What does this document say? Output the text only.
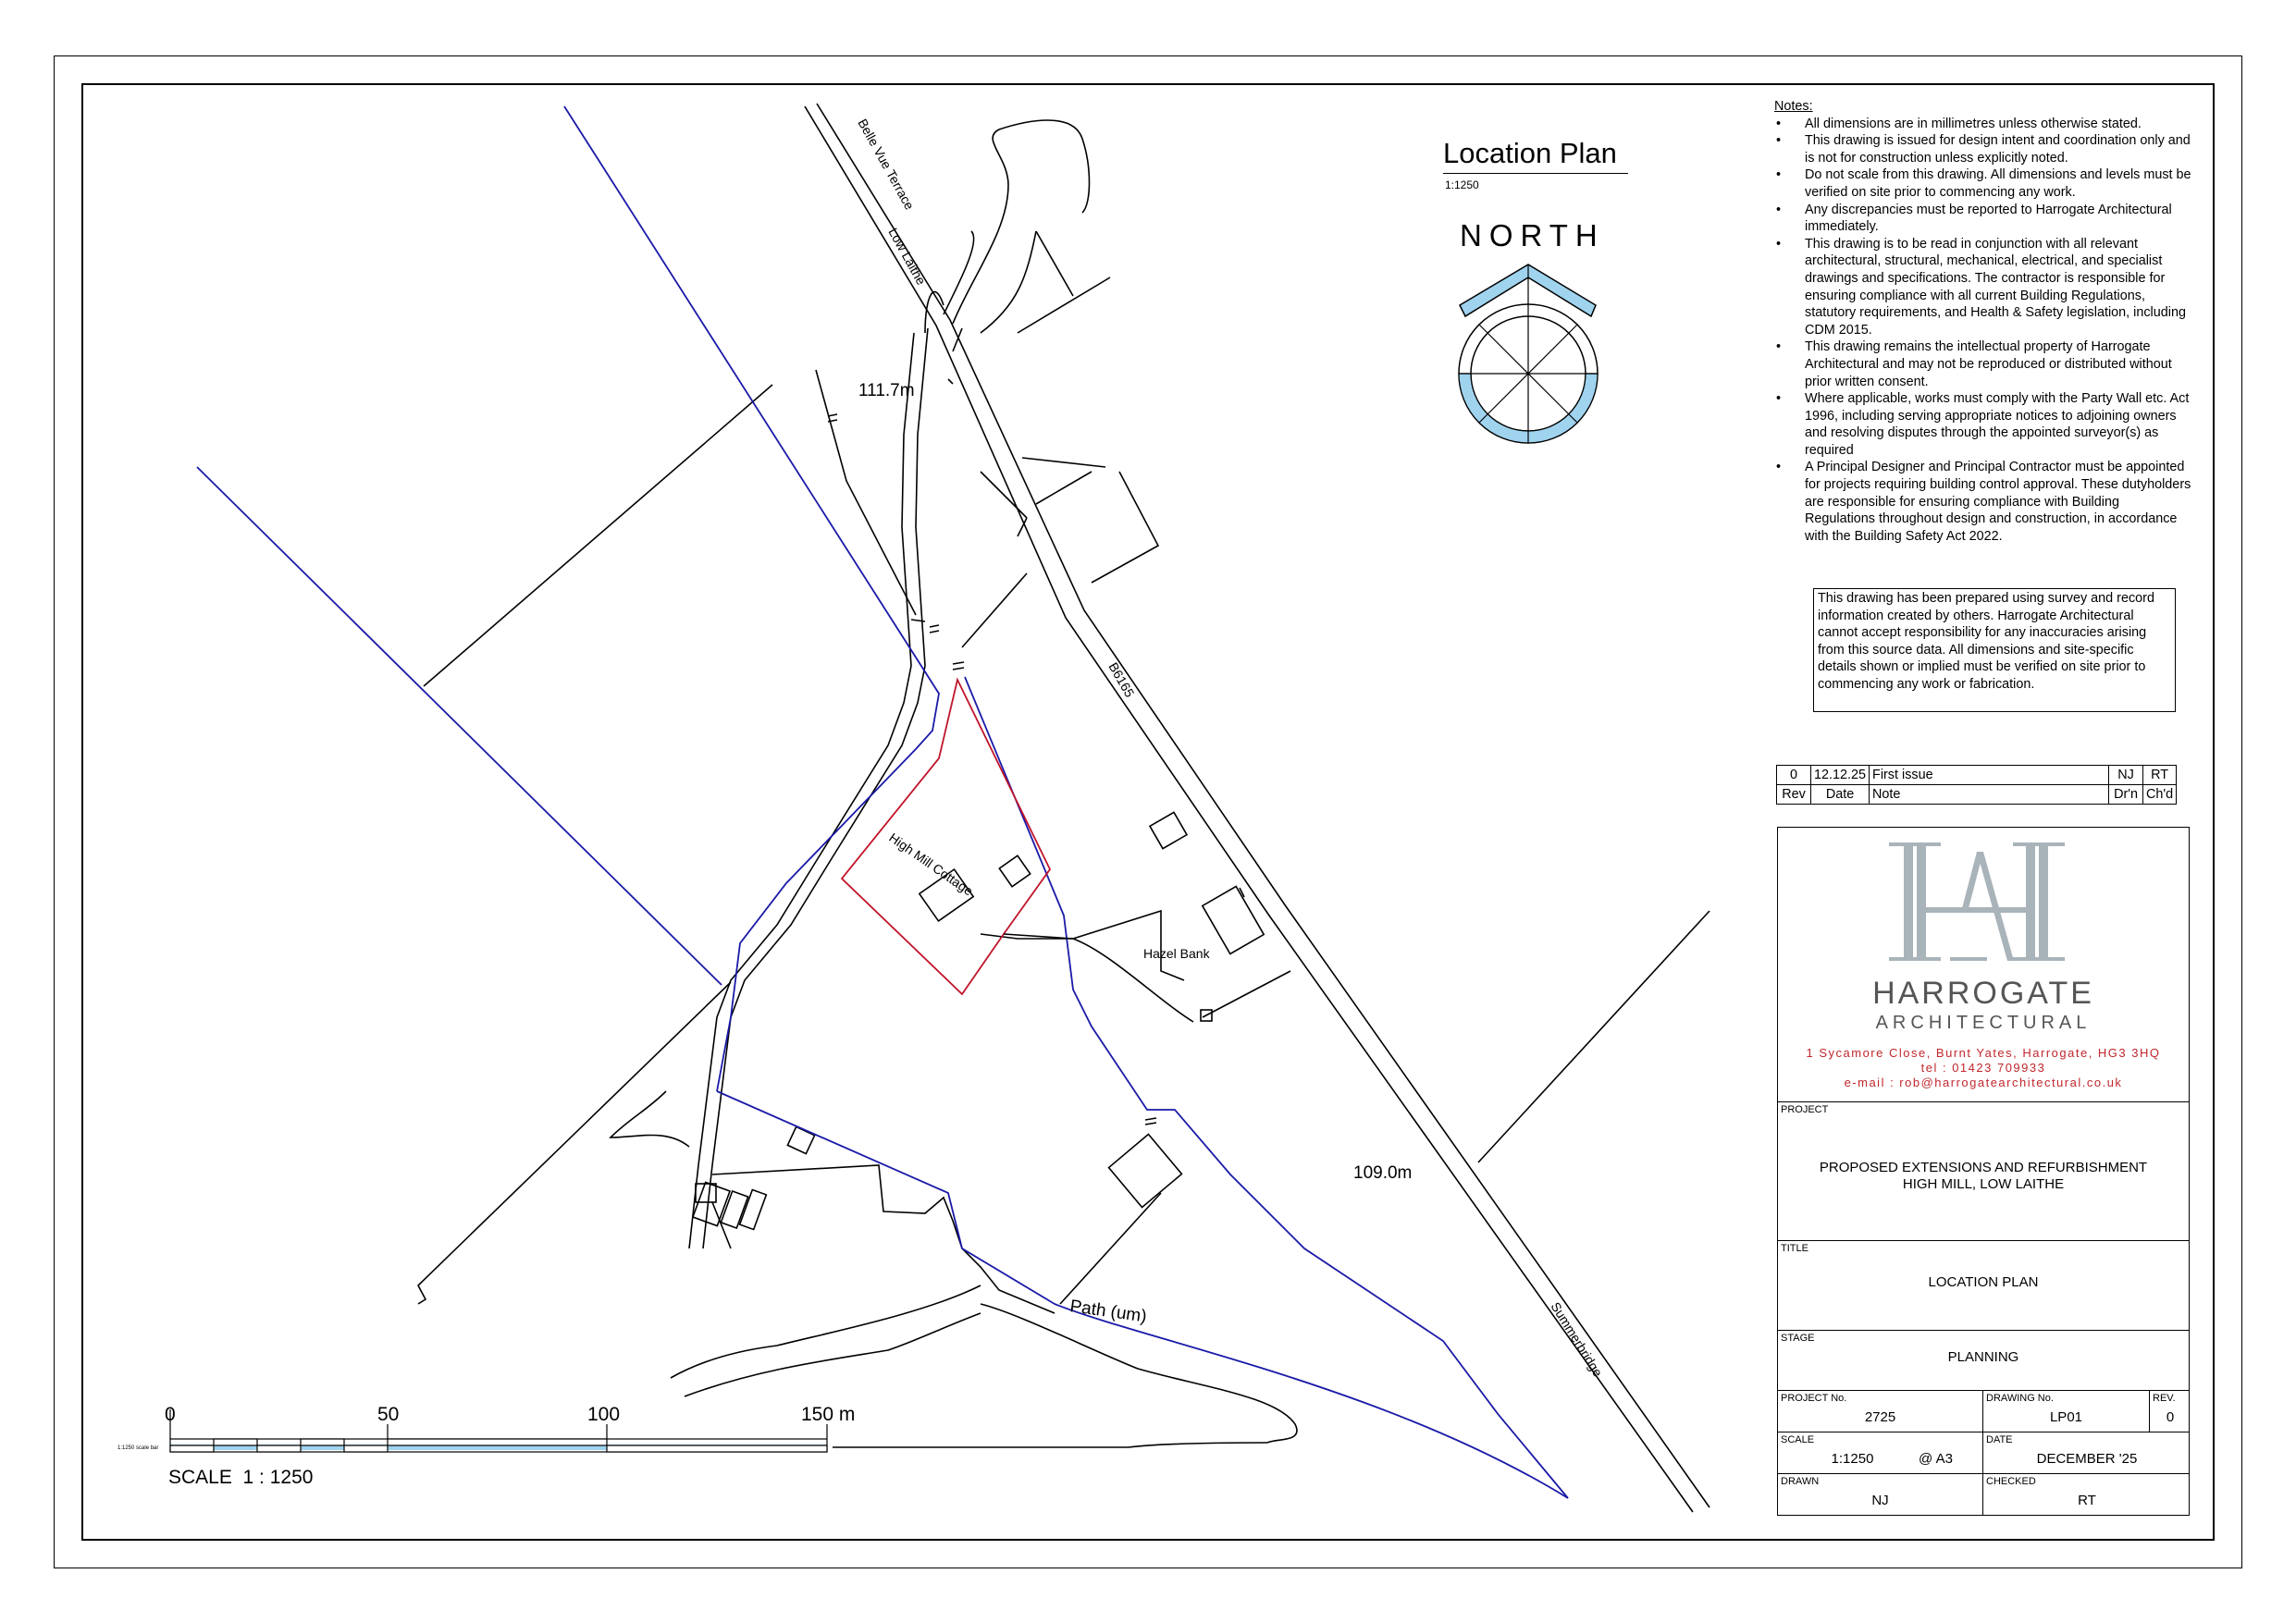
Belle Vue Terrace
Low Laithe
111.7m
B6165
High Mill Cottage
Hazel Bank
109.0m
Path (um)	Summerbridge
0	50	100	150 m
1:1250 scale bar
SCALE  1 : 1250
Location Plan
1:1250
NORTH
Notes:
• All dimensions are in millimetres unless otherwise stated.
• This drawing is issued for design intent and coordination only and is not for construction unless explicitly noted.
• Do not scale from this drawing. All dimensions and levels must be verified on site prior to commencing any work.
• Any discrepancies must be reported to Harrogate Architectural immediately.
• This drawing is to be read in conjunction with all relevant architectural, structural, mechanical, electrical, and specialist drawings and specifications. The contractor is responsible for ensuring compliance with all current Building Regulations, statutory requirements, and Health & Safety legislation, including CDM 2015.
• This drawing remains the intellectual property of Harrogate Architectural and may not be reproduced or distributed without prior written consent.
• Where applicable, works must comply with the Party Wall etc. Act 1996, including serving appropriate notices to adjoining owners and resolving disputes through the appointed surveyor(s) as required
• A Principal Designer and Principal Contractor must be appointed for projects requiring building control approval. These dutyholders are responsible for ensuring compliance with Building Regulations throughout design and construction, in accordance with the Building Safety Act 2022.
This drawing has been prepared using survey and record information created by others. Harrogate Architectural cannot accept responsibility for any inaccuracies arising from this source data. All dimensions and site-specific details shown or implied must be verified on site prior to commencing any work or fabrication.
0	12.12.25	First issue	NJ	RT
Rev	Date	Note	Dr'n	Ch'd
HARROGATE
ARCHITECTURAL
1 Sycamore Close, Burnt Yates, Harrogate, HG3 3HQ
tel : 01423 709933
e-mail : rob@harrogatearchitectural.co.uk
PROJECT
PROPOSED EXTENSIONS AND REFURBISHMENT
HIGH MILL, LOW LAITHE
TITLE
LOCATION PLAN
STAGE
PLANNING
PROJECT No.
2725
DRAWING No.
LP01
REV.
0
SCALE
1:1250	@ A3
DATE
DECEMBER '25
DRAWN
NJ
CHECKED
RT
